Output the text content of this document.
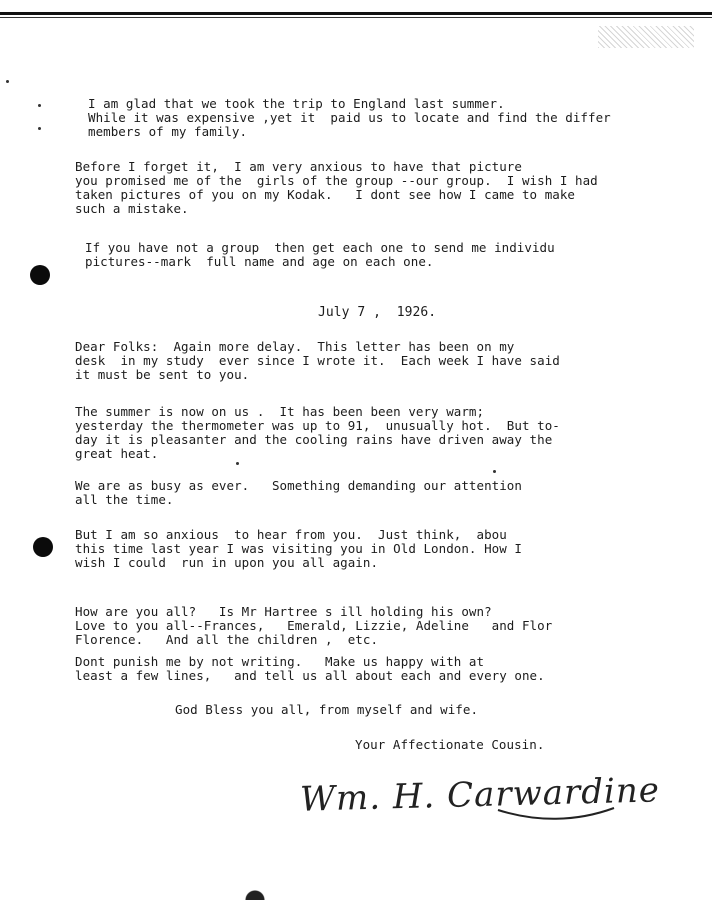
I am glad that we took the trip to England last summer.
While it was expensive ,yet it  paid us to locate and find the differ
members of my family.

Before I forget it,  I am very anxious to have that picture
you promised me of the  girls of the group --our group.  I wish I had
taken pictures of you on my Kodak.   I dont see how I came to make
such a mistake.

If you have not a group  then get each one to send me individu
pictures--mark  full name and age on each one.

July 7 ,  1926.

Dear Folks:  Again more delay.  This letter has been on my
desk  in my study  ever since I wrote it.  Each week I have said
it must be sent to you.

The summer is now on us .  It has been been very warm;
yesterday the thermometer was up to 91,  unusually hot.  But to-
day it is pleasanter and the cooling rains have driven away the
great heat.

We are as busy as ever.   Something demanding our attention
all the time.

But I am so anxious  to hear from you.  Just think,  abou
this time last year I was visiting you in Old London. How I
wish I could  run in upon you all again.

How are you all?   Is Mr Hartree s ill holding his own?
Love to you all--Frances,   Emerald, Lizzie, Adeline   and Flor
Florence.   And all the children ,  etc.

Dont punish me by not writing.   Make us happy with at
least a few lines,   and tell us all about each and every one.

God Bless you all, from myself and wife.

Your Affectionate Cousin.

Wm. H. Carwardine
